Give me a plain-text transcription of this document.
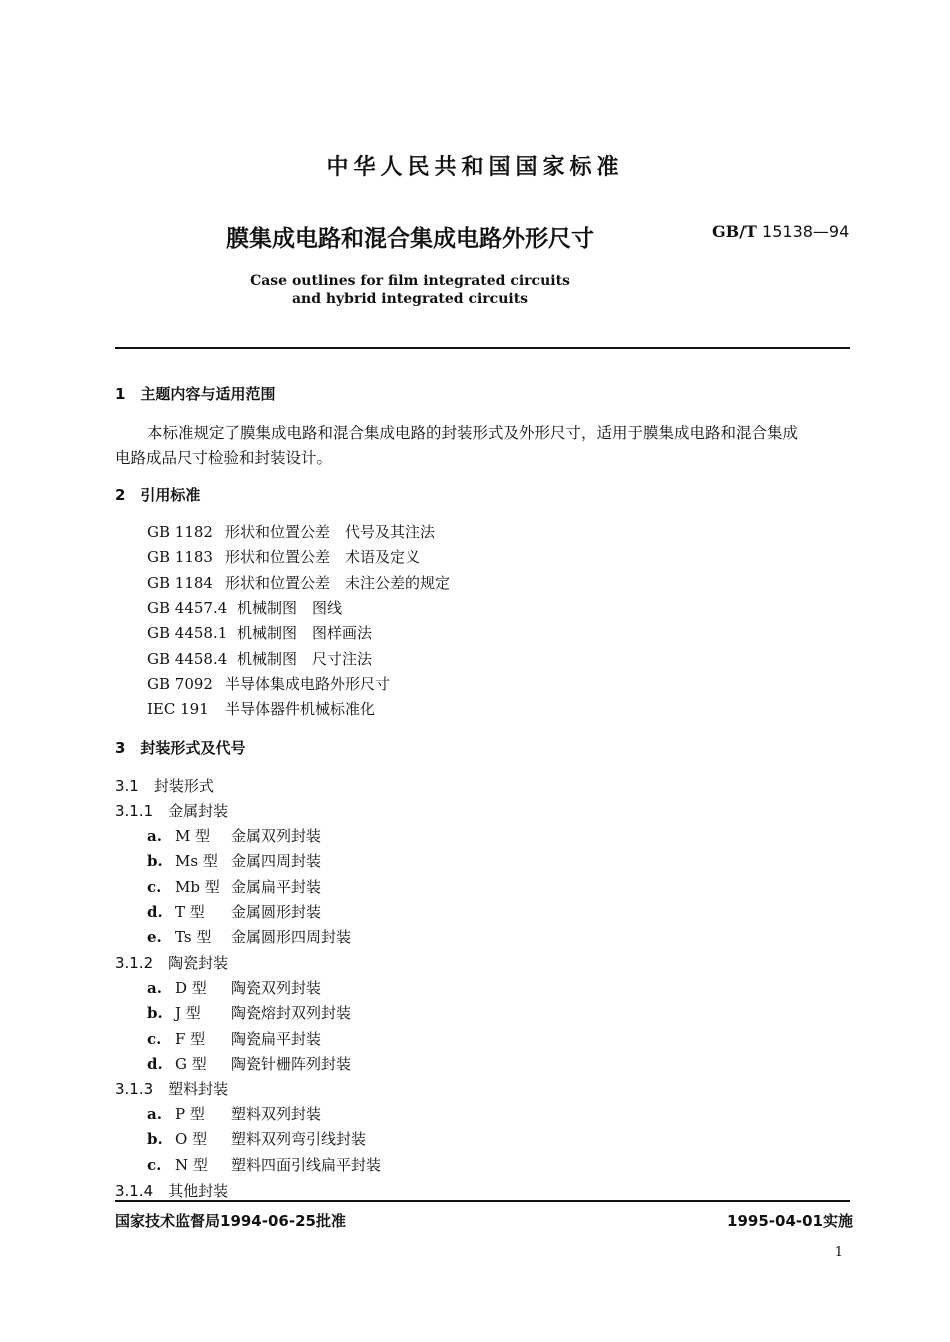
中华人民共和国国家标准
膜集成电路和混合集成电路外形尺寸	GB/T 15138—94
Case outlines for film integrated circuits
and hybrid integrated circuits
1　主题内容与适用范围
本标准规定了膜集成电路和混合集成电路的封装形式及外形尺寸，适用于膜集成电路和混合集成
电路成品尺寸检验和封装设计。
2　引用标准
GB 1182 形状和位置公差　代号及其注法
GB 1183 形状和位置公差　术语及定义
GB 1184 形状和位置公差　未注公差的规定
GB 4457.4 机械制图　图线
GB 4458.1 机械制图　图样画法
GB 4458.4 机械制图　尺寸注法
GB 7092 半导体集成电路外形尺寸
IEC 191 半导体器件机械标准化
3　封装形式及代号
3.1　封装形式
3.1.1　金属封装
a. M 型 金属双列封装
b. Ms 型 金属四周封装
c. Mb 型 金属扁平封装
d. T 型 金属圆形封装
e. Ts 型 金属圆形四周封装
3.1.2　陶瓷封装
a. D 型 陶瓷双列封装
b. J 型 陶瓷熔封双列封装
c. F 型 陶瓷扁平封装
d. G 型 陶瓷针栅阵列封装
3.1.3　塑料封装
a. P 型 塑料双列封装
b. O 型 塑料双列弯引线封装
c. N 型 塑料四面引线扁平封装
3.1.4　其他封装
国家技术监督局1994-06-25批准	1995-04-01实施
1
